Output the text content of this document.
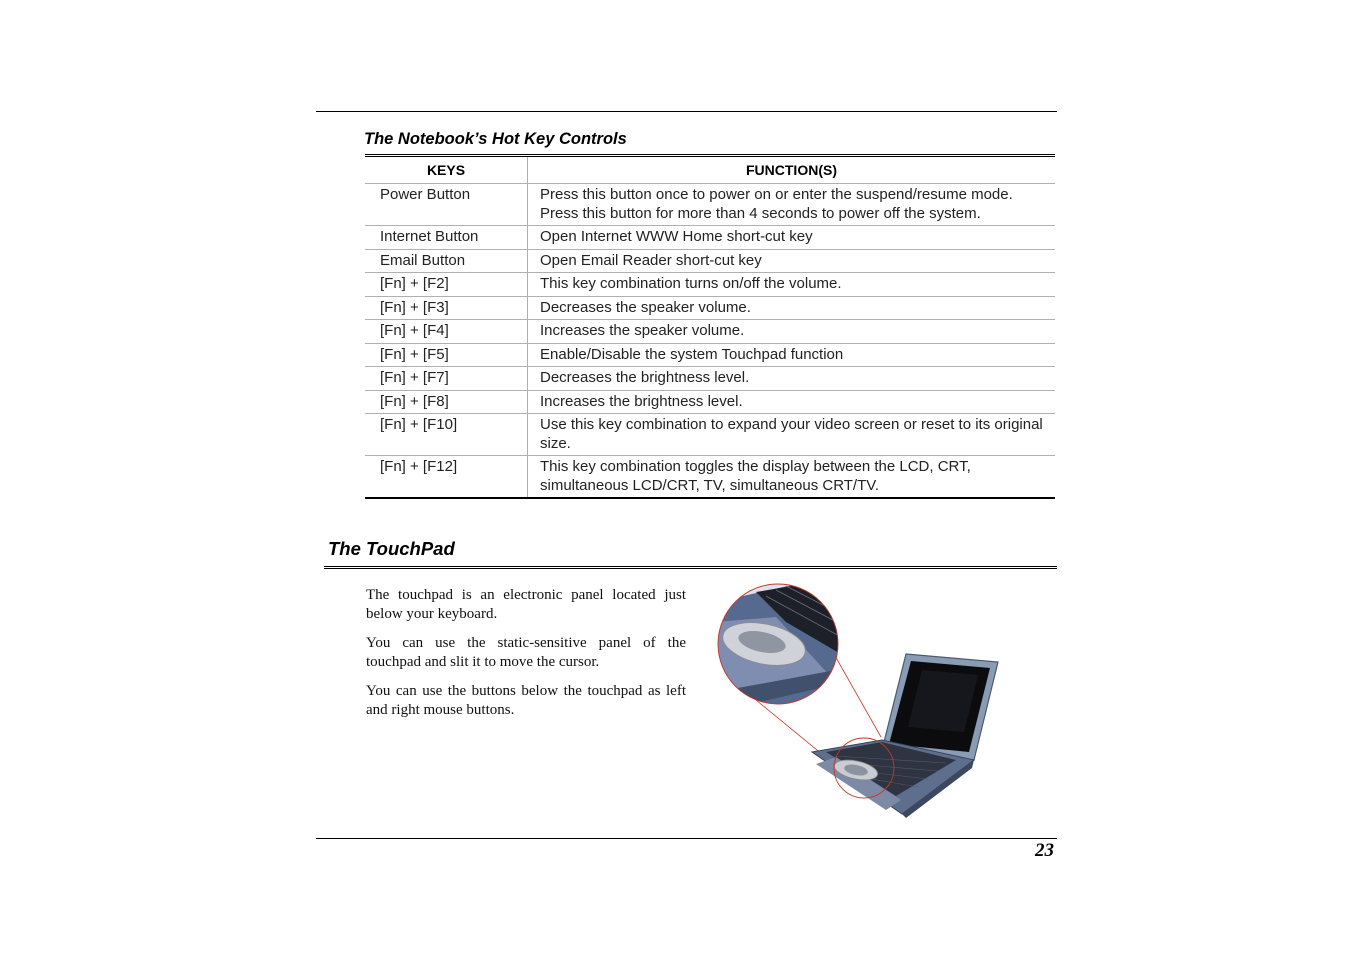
The Notebook’s Hot Key Controls
KEYS	FUNCTION(S)
Power Button	Press this button once to power on or enter the suspend/resume mode.
Press this button for more than 4 seconds to power off the system.

Internet Button	Open Internet WWW Home short-cut key

Email Button	Open Email Reader short-cut key

[Fn] + [F2]	This key combination turns on/off the volume.

[Fn] + [F3]	Decreases the speaker volume.

[Fn] + [F4]	Increases the speaker volume.

[Fn] + [F5]	Enable/Disable the system Touchpad function

[Fn] + [F7]	Decreases the brightness level.

[Fn] + [F8]	Increases the brightness level.

[Fn] + [F10]	Use this key combination to expand your video screen or reset to its original size.

[Fn] + [F12]	This key combination toggles the display between the LCD, CRT, simultaneous LCD/CRT, TV, simultaneous CRT/TV.
The TouchPad

The touchpad is an electronic panel located just below your keyboard.

You can use the static-sensitive panel of the touchpad and slit it to move the cursor.

You can use the buttons below the touchpad as left and right mouse buttons.

23
